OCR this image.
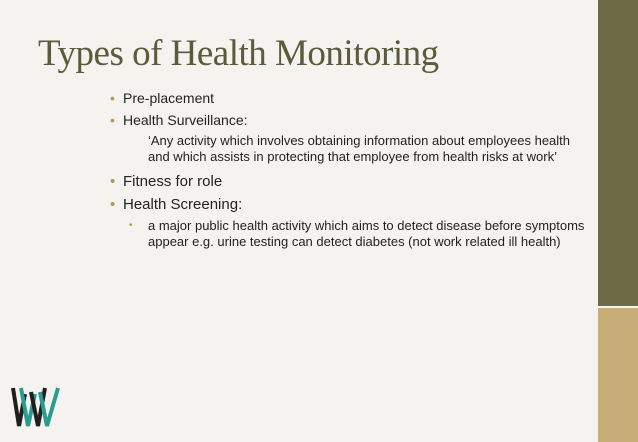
Types of Health Monitoring
• Pre-placement
• Health Surveillance:
‘Any activity which involves obtaining information about employees health and which assists in protecting that employee from health risks at work’
• Fitness for role
• Health Screening:
• a major public health activity which aims to detect disease before symptoms appear e.g. urine testing can detect diabetes (not work related ill health)
